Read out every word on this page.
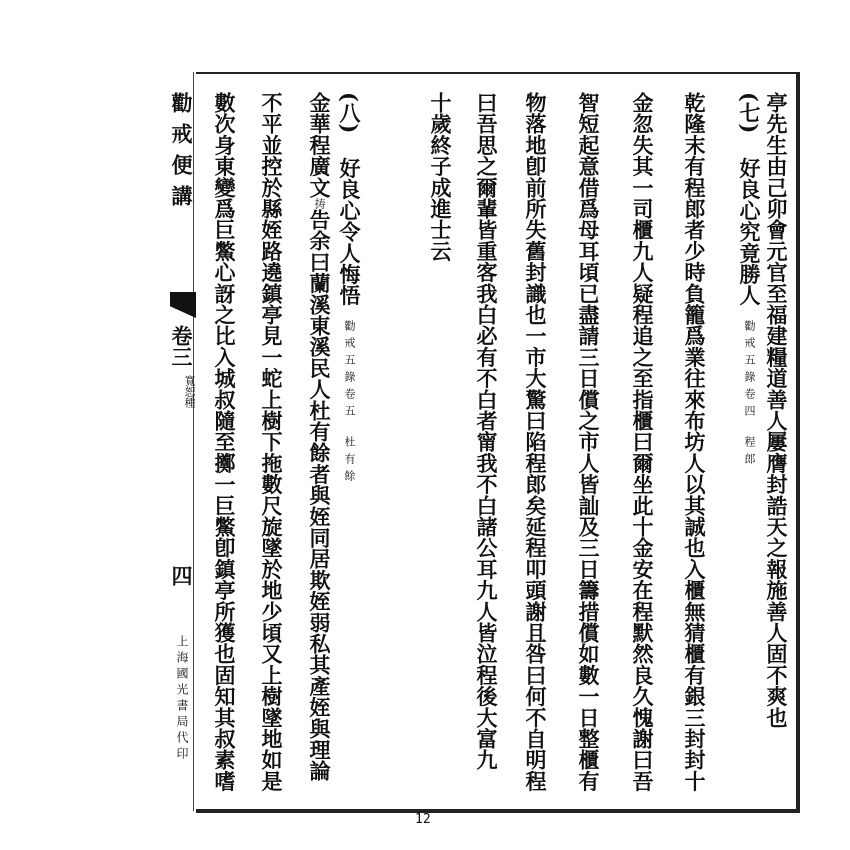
勸戒便講
卷三
寬恕種
四
上海國光書局代印	亭先生由己卯會元官至福建糧道善人屢膺封誥天之報施善人固不爽也
(七)好良心究竟勝人勸戒五錄卷四程郎
乾隆末有程郎者少時負籠爲業往來布坊人以其誠也入櫃無猜櫃有銀三封封十
金忽失其一司櫃九人疑程追之至指櫃曰爾坐此十金安在程默然良久愧謝曰吾
智短起意借爲母耳頃已盡請三日償之市人皆訕及三日籌措償如數一日整櫃有
物落地卽前所失舊封識也一市大驚曰陷程郎矣延程叩頭謝且咎曰何不自明程
曰吾思之爾輩皆重客我白必有不白者甯我不白諸公耳九人皆泣程後大富九
十歲終子成進士云
(八)好良心令人悔悟勸戒五錄卷五杜有餘
金華程廣文𢭏告余曰蘭溪東溪民人杜有餘者與姪同居欺姪弱私其產姪與理論
不平並控於縣姪路遶鎮亭見一蛇上樹下拖數尺旋墜於地少頃又上樹墜地如是
數次身東變爲巨鱉心訝之比入城叔隨至擲一巨鱉卽鎮亭所獲也固知其叔素嗜
12
